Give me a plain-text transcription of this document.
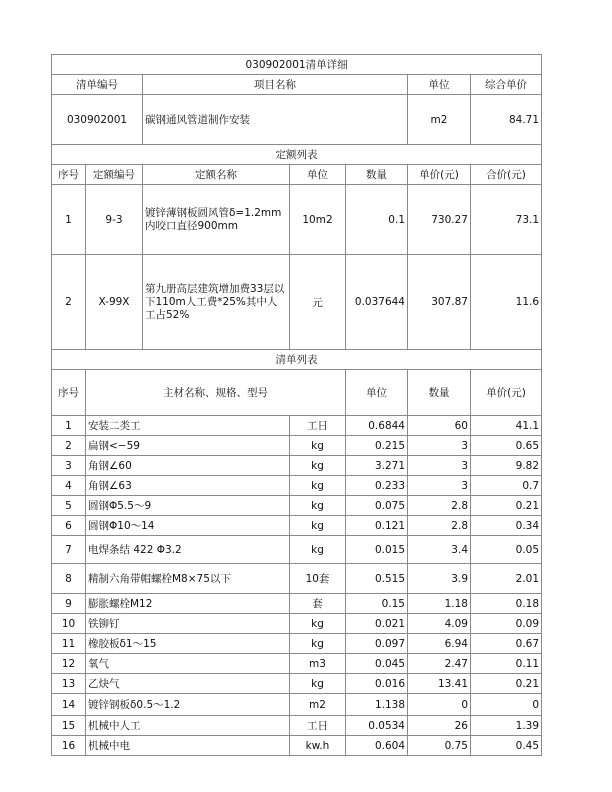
030902001清单详细							
清单编号		项目名称			单位	综合单价	
030902001		碳钢通风管道制作安装			m2	84.71	
定额列表							
序号	定额编号	定额名称	单位	数量	单价(元)	合价(元)	
1	9-3	镀锌薄钢板圆风管δ=1.2mm内咬口直径900mm	10m2	0.1	730.27	73.1	
2	X-99X	第九册高层建筑增加费33层以下110m人工费*25%其中人工占52%	元	0.037644	307.87	11.6	
清单列表							
序号	主材名称、规格、型号			单位	数量	单价(元)	
1	安装二类工		工日	0.6844	60	41.1	
2	扁钢<−59		kg	0.215	3	0.65	
3	角钢∠60		kg	3.271	3	9.82	
4	角钢∠63		kg	0.233	3	0.7	
5	圆钢Φ5.5～9		kg	0.075	2.8	0.21	
6	圆钢Φ10～14		kg	0.121	2.8	0.34	
7	电焊条结 422 Φ3.2		kg	0.015	3.4	0.05	
8	精制六角带帽螺栓M8×75以下		10套	0.515	3.9	2.01	
9	膨胀螺栓M12		套	0.15	1.18	0.18	
10	铁铆钉		kg	0.021	4.09	0.09	
11	橡胶板δ1～15		kg	0.097	6.94	0.67	
12	氧气		m3	0.045	2.47	0.11	
13	乙炔气		kg	0.016	13.41	0.21	
14	镀锌钢板δ0.5～1.2		m2	1.138	0	0	
15	机械中人工		工日	0.0534	26	1.39	
16	机械中电		kw.h	0.604	0.75	0.45	
